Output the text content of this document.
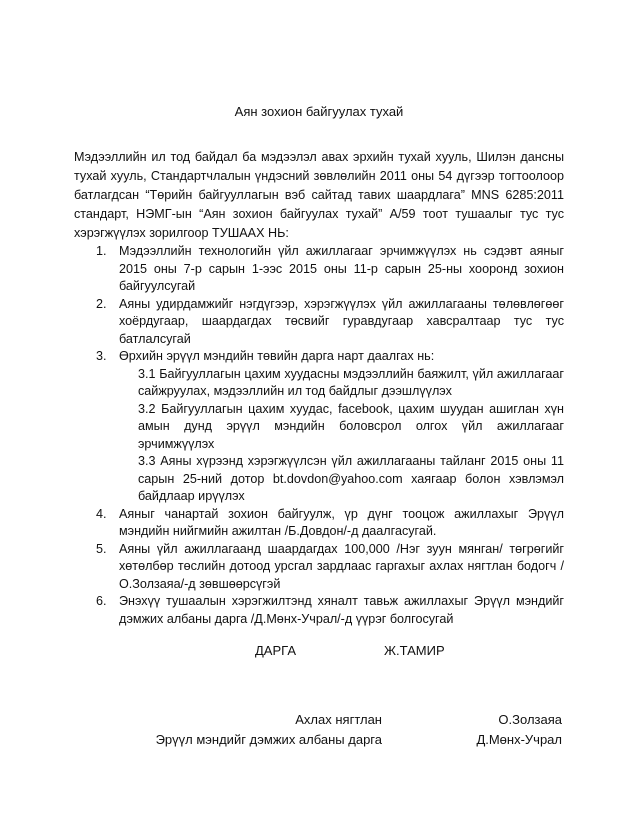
Аян зохион байгуулах тухай

Мэдээллийн ил тод байдал ба мэдээлэл авах эрхийн тухай хууль, Шилэн дансны тухай хууль, Стандартчлалын үндэсний зөвлөлийн 2011 оны 54 дүгээр тогтоолоор батлагдсан “Төрийн байгууллагын вэб сайтад тавих шаардлага” MNS 6285:2011 стандарт, НЭМГ-ын “Аян зохион байгуулах тухай” А/59 тоот тушаалыг тус тус хэрэгжүүлэх зорилгоор ТУШААХ НЬ:

1. Мэдээллийн технологийн үйл ажиллагааг эрчимжүүлэх нь сэдэвт аяныг 2015 оны 7-р сарын 1-ээс 2015 оны 11-р сарын 25-ны хооронд зохион байгуулсугай
2. Аяны удирдамжийг нэгдүгээр, хэрэгжүүлэх үйл ажиллагааны төлөвлөгөөг хоёрдугаар, шаардагдах төсвийг гуравдугаар хавсралтаар тус тус батлалсугай
3. Өрхийн эрүүл мэндийн төвийн дарга нарт даалгах нь:
3.1 Байгууллагын цахим хуудасны мэдээллийн баяжилт, үйл ажиллагааг сайжруулах, мэдээллийн ил тод байдлыг дээшлүүлэх
3.2 Байгууллагын цахим хуудас, facebook, цахим шуудан ашиглан хүн амын дунд эрүүл мэндийн боловсрол олгох үйл ажиллагааг эрчимжүүлэх
3.3 Аяны хүрээнд хэрэгжүүлсэн үйл ажиллагааны тайланг 2015 оны 11 сарын 25-ний дотор bt.dovdon@yahoo.com хаягаар болон хэвлэмэл байдлаар ирүүлэх
4. Аяныг чанартай зохион байгуулж, үр дүнг тооцож ажиллахыг Эрүүл мэндийн нийгмийн ажилтан /Б.Довдон/-д даалгасугай.
5. Аяны үйл ажиллагаанд шаардагдах 100,000 /Нэг зуун мянган/ төгрөгийг хөтөлбөр төслийн дотоод урсгал зардлаас гаргахыг ахлах нягтлан бодогч /О.Золзаяа/-д зөвшөөрсүгэй
6. Энэхүү тушаалын хэрэгжилтэнд хяналт тавьж ажиллахыг Эрүүл мэндийг дэмжих албаны дарга /Д.Мөнх-Учрал/-д үүрэг болгосугай
ДАРГА	Ж.ТАМИР
Ахлах нягтлан	О.Золзаяа
Эрүүл мэндийг дэмжих албаны дарга	Д.Мөнх-Учрал
